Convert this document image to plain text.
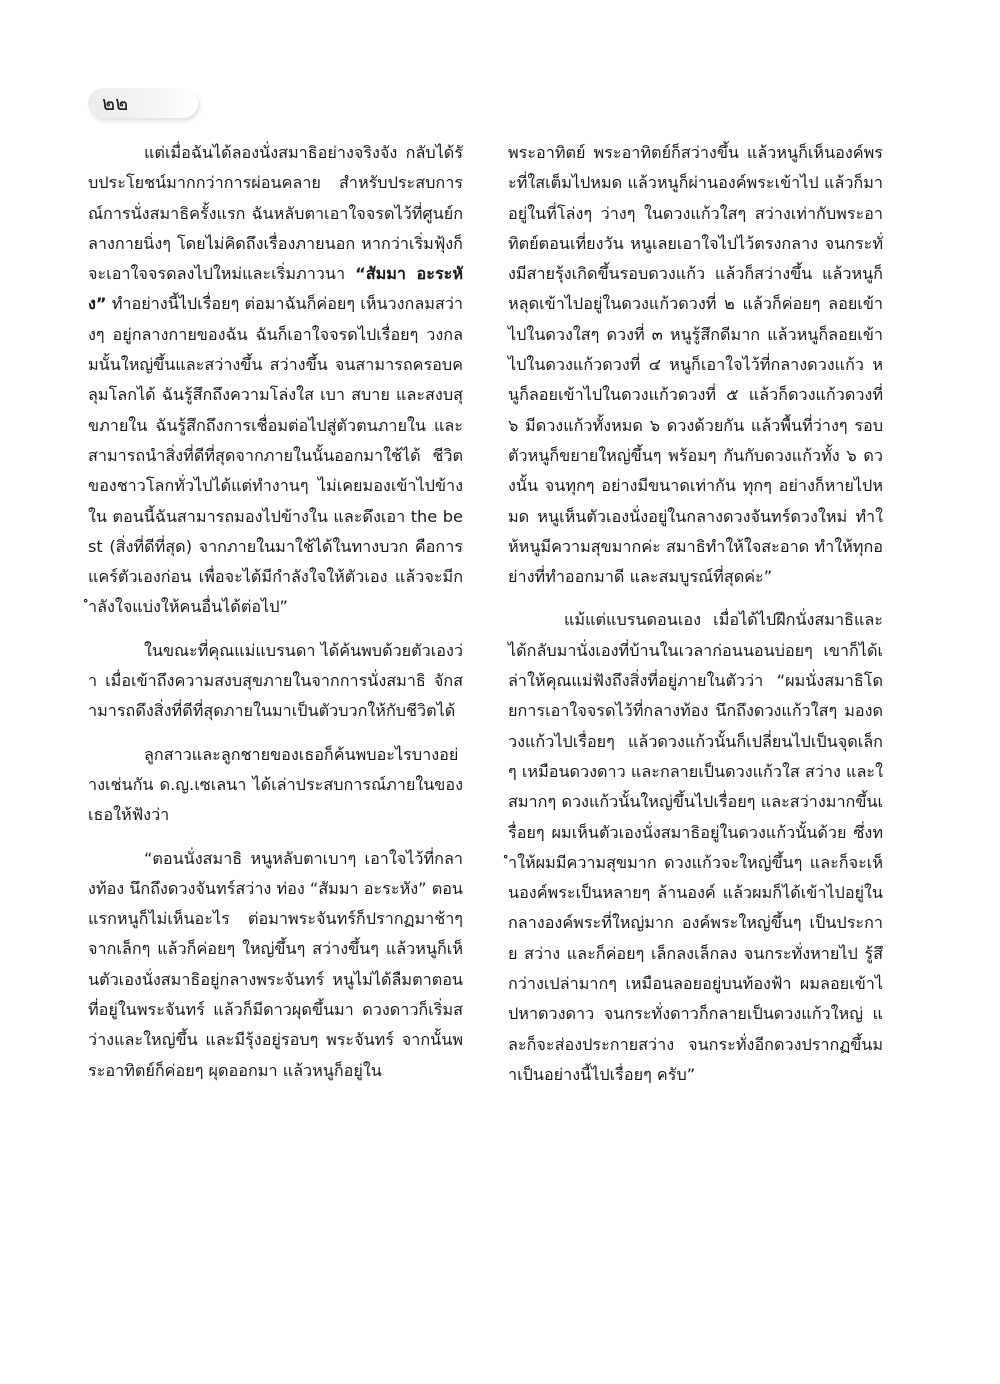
๒๒

แต่เมื่อฉันได้ลองนั่งสมาธิอย่างจริงจัง กลับได้รับประโยชน์มากกว่าการผ่อนคลาย สำหรับประสบการณ์การนั่งสมาธิครั้งแรก ฉันหลับตาเอาใจจรดไว้ที่ศูนย์กลางกายนิ่งๆ โดยไม่คิดถึงเรื่องภายนอก หากว่าเริ่มฟุ้งก็จะเอาใจจรดลงไปใหม่และเริ่มภาวนา “สัมมา อะระหัง” ทำอย่างนี้ไปเรื่อยๆ ต่อมาฉันก็ค่อยๆ เห็นวงกลมสว่างๆ อยู่กลางกายของฉัน ฉันก็เอาใจจรดไปเรื่อยๆ วงกลมนั้นใหญ่ขึ้นและสว่างขึ้น สว่างขึ้น จนสามารถครอบคลุมโลกได้ ฉันรู้สึกถึงความโล่งใส เบา สบาย และสงบสุขภายใน ฉันรู้สึกถึงการเชื่อมต่อไปสู่ตัวตนภายใน และสามารถนำสิ่งที่ดีที่สุดจากภายในนั้นออกมาใช้ได้ ชีวิตของชาวโลกทั่วไปได้แต่ทำงานๆ ไม่เคยมองเข้าไปข้างใน ตอนนี้ฉันสามารถมองไปข้างใน และดึงเอา the best (สิ่งที่ดีที่สุด) จากภายในมาใช้ได้ในทางบวก คือการแคร์ตัวเองก่อน เพื่อจะได้มีกำลังใจให้ตัวเอง แล้วจะมีกำลังใจแบ่งให้คนอื่นได้ต่อไป”

ในขณะที่คุณแม่แบรนดา ได้ค้นพบด้วยตัวเองว่า เมื่อเข้าถึงความสงบสุขภายในจากการนั่งสมาธิ จักสามารถดึงสิ่งที่ดีที่สุดภายในมาเป็นตัวบวกให้กับชีวิตได้

ลูกสาวและลูกชายของเธอก็ค้นพบอะไรบางอย่างเช่นกัน ด.ญ.เซเลนา ได้เล่าประสบการณ์ภายในของเธอให้ฟังว่า

“ตอนนั่งสมาธิ หนูหลับตาเบาๆ เอาใจไว้ที่กลางท้อง นึกถึงดวงจันทร์สว่าง ท่อง “สัมมา อะระหัง” ตอนแรกหนูก็ไม่เห็นอะไร ต่อมาพระจันทร์ก็ปรากฏมาช้าๆ จากเล็กๆ แล้วก็ค่อยๆ ใหญ่ขึ้นๆ สว่างขึ้นๆ แล้วหนูก็เห็นตัวเองนั่งสมาธิอยู่กลางพระจันทร์ หนูไม่ได้ลืมตาตอนที่อยู่ในพระจันทร์ แล้วก็มีดาวผุดขึ้นมา ดวงดาวก็เริ่มสว่างและใหญ่ขึ้น และมีรุ้งอยู่รอบๆ พระจันทร์ จากนั้นพระอาทิตย์ก็ค่อยๆ ผุดออกมา แล้วหนูก็อยู่ใน

พระอาทิตย์ พระอาทิตย์ก็สว่างขึ้น แล้วหนูก็เห็นองค์พระที่ใสเต็มไปหมด แล้วหนูก็ผ่านองค์พระเข้าไป แล้วก็มาอยู่ในที่โล่งๆ ว่างๆ ในดวงแก้วใสๆ สว่างเท่ากับพระอาทิตย์ตอนเที่ยงวัน หนูเลยเอาใจไปไว้ตรงกลาง จนกระทั่งมีสายรุ้งเกิดขึ้นรอบดวงแก้ว แล้วก็สว่างขึ้น แล้วหนูก็หลุดเข้าไปอยู่ในดวงแก้วดวงที่ ๒ แล้วก็ค่อยๆ ลอยเข้าไปในดวงใสๆ ดวงที่ ๓ หนูรู้สึกดีมาก แล้วหนูก็ลอยเข้าไปในดวงแก้วดวงที่ ๔ หนูก็เอาใจไว้ที่กลางดวงแก้ว หนูก็ลอยเข้าไปในดวงแก้วดวงที่ ๕ แล้วก็ดวงแก้วดวงที่ ๖ มีดวงแก้วทั้งหมด ๖ ดวงด้วยกัน แล้วพื้นที่ว่างๆ รอบตัวหนูก็ขยายใหญ่ขึ้นๆ พร้อมๆ กันกับดวงแก้วทั้ง ๖ ดวงนั้น จนทุกๆ อย่างมีขนาดเท่ากัน ทุกๆ อย่างก็หายไปหมด หนูเห็นตัวเองนั่งอยู่ในกลางดวงจันทร์ดวงใหม่ ทำให้หนูมีความสุขมากค่ะ สมาธิทำให้ใจสะอาด ทำให้ทุกอย่างที่ทำออกมาดี และสมบูรณ์ที่สุดค่ะ”

แม้แต่แบรนดอนเอง เมื่อได้ไปฝึกนั่งสมาธิและได้กลับมานั่งเองที่บ้านในเวลาก่อนนอนบ่อยๆ เขาก็ได้เล่าให้คุณแม่ฟังถึงสิ่งที่อยู่ภายในตัวว่า “ผมนั่งสมาธิโดยการเอาใจจรดไว้ที่กลางท้อง นึกถึงดวงแก้วใสๆ มองดวงแก้วไปเรื่อยๆ แล้วดวงแก้วนั้นก็เปลี่ยนไปเป็นจุดเล็กๆ เหมือนดวงดาว และกลายเป็นดวงแก้วใส สว่าง และใสมากๆ ดวงแก้วนั้นใหญ่ขึ้นไปเรื่อยๆ และสว่างมากขึ้นเรื่อยๆ ผมเห็นตัวเองนั่งสมาธิอยู่ในดวงแก้วนั้นด้วย ซึ่งทำให้ผมมีความสุขมาก ดวงแก้วจะใหญ่ขึ้นๆ และก็จะเห็นองค์พระเป็นหลายๆ ล้านองค์ แล้วผมก็ได้เข้าไปอยู่ในกลางองค์พระที่ใหญ่มาก องค์พระใหญ่ขึ้นๆ เป็นประกาย สว่าง และก็ค่อยๆ เล็กลงเล็กลง จนกระทั่งหายไป รู้สึกว่างเปล่ามากๆ เหมือนลอยอยู่บนท้องฟ้า ผมลอยเข้าไปหาดวงดาว จนกระทั่งดาวก็กลายเป็นดวงแก้วใหญ่ และก็จะส่องประกายสว่าง จนกระทั่งอีกดวงปรากฏขึ้นมาเป็นอย่างนี้ไปเรื่อยๆ ครับ”
